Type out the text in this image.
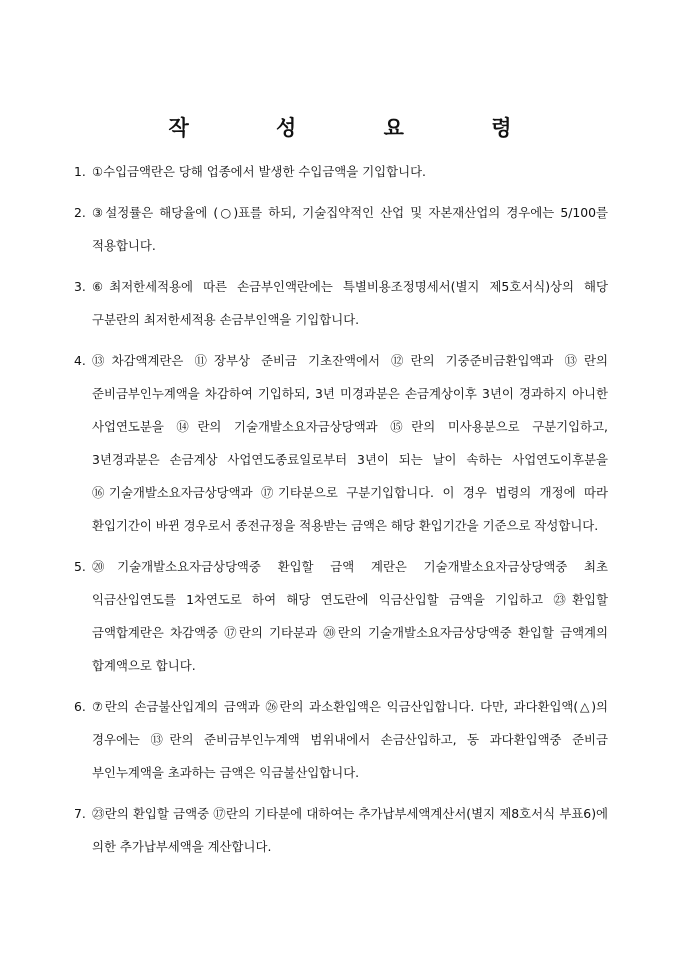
작 성 요 령
1. ①수입금액란은 당해 업종에서 발생한 수입금액을 기입합니다.
2. ③설정률은 해당율에 (○)표를 하되, 기술집약적인 산업 및 자본재산업의 경우에는 5/100를 적용합니다.
3. ⑥최저한세적용에 따른 손금부인액란에는 특별비용조정명세서(별지 제5호서식)상의 해당 구분란의 최저한세적용 손금부인액을 기입합니다.
4. ⑬차감액계란은 ⑪장부상 준비금 기초잔액에서 ⑫란의 기중준비금환입액과 ⑬란의 준비금부인누계액을 차감하여 기입하되, 3년 미경과분은 손금계상이후 3년이 경과하지 아니한 사업연도분을 ⑭란의 기술개발소요자금상당액과 ⑮란의 미사용분으로 구분기입하고, 3년경과분은 손금계상 사업연도종료일로부터 3년이 되는 날이 속하는 사업연도이후분을 ⑯기술개발소요자금상당액과 ⑰기타분으로 구분기입합니다. 이 경우 법령의 개정에 따라 환입기간이 바뀐 경우로서 종전규정을 적용받는 금액은 해당 환입기간을 기준으로 작성합니다.
5. ⑳기술개발소요자금상당액중 환입할 금액 계란은 기술개발소요자금상당액중 최초 익금산입연도를 1차연도로 하여 해당 연도란에 익금산입할 금액을 기입하고 ㉓환입할 금액합계란은 차감액중 ⑰란의 기타분과 ⑳란의 기술개발소요자금상당액중 환입할 금액계의 합계액으로 합니다.
6. ⑦란의 손금불산입계의 금액과 ㉖란의 과소환입액은 익금산입합니다. 다만, 과다환입액(△)의 경우에는 ⑬란의 준비금부인누계액 범위내에서 손금산입하고, 동 과다환입액중 준비금 부인누계액을 초과하는 금액은 익금불산입합니다.
7. ㉓란의 환입할 금액중 ⑰란의 기타분에 대하여는 추가납부세액계산서(별지 제8호서식 부표6)에 의한 추가납부세액을 계산합니다.
